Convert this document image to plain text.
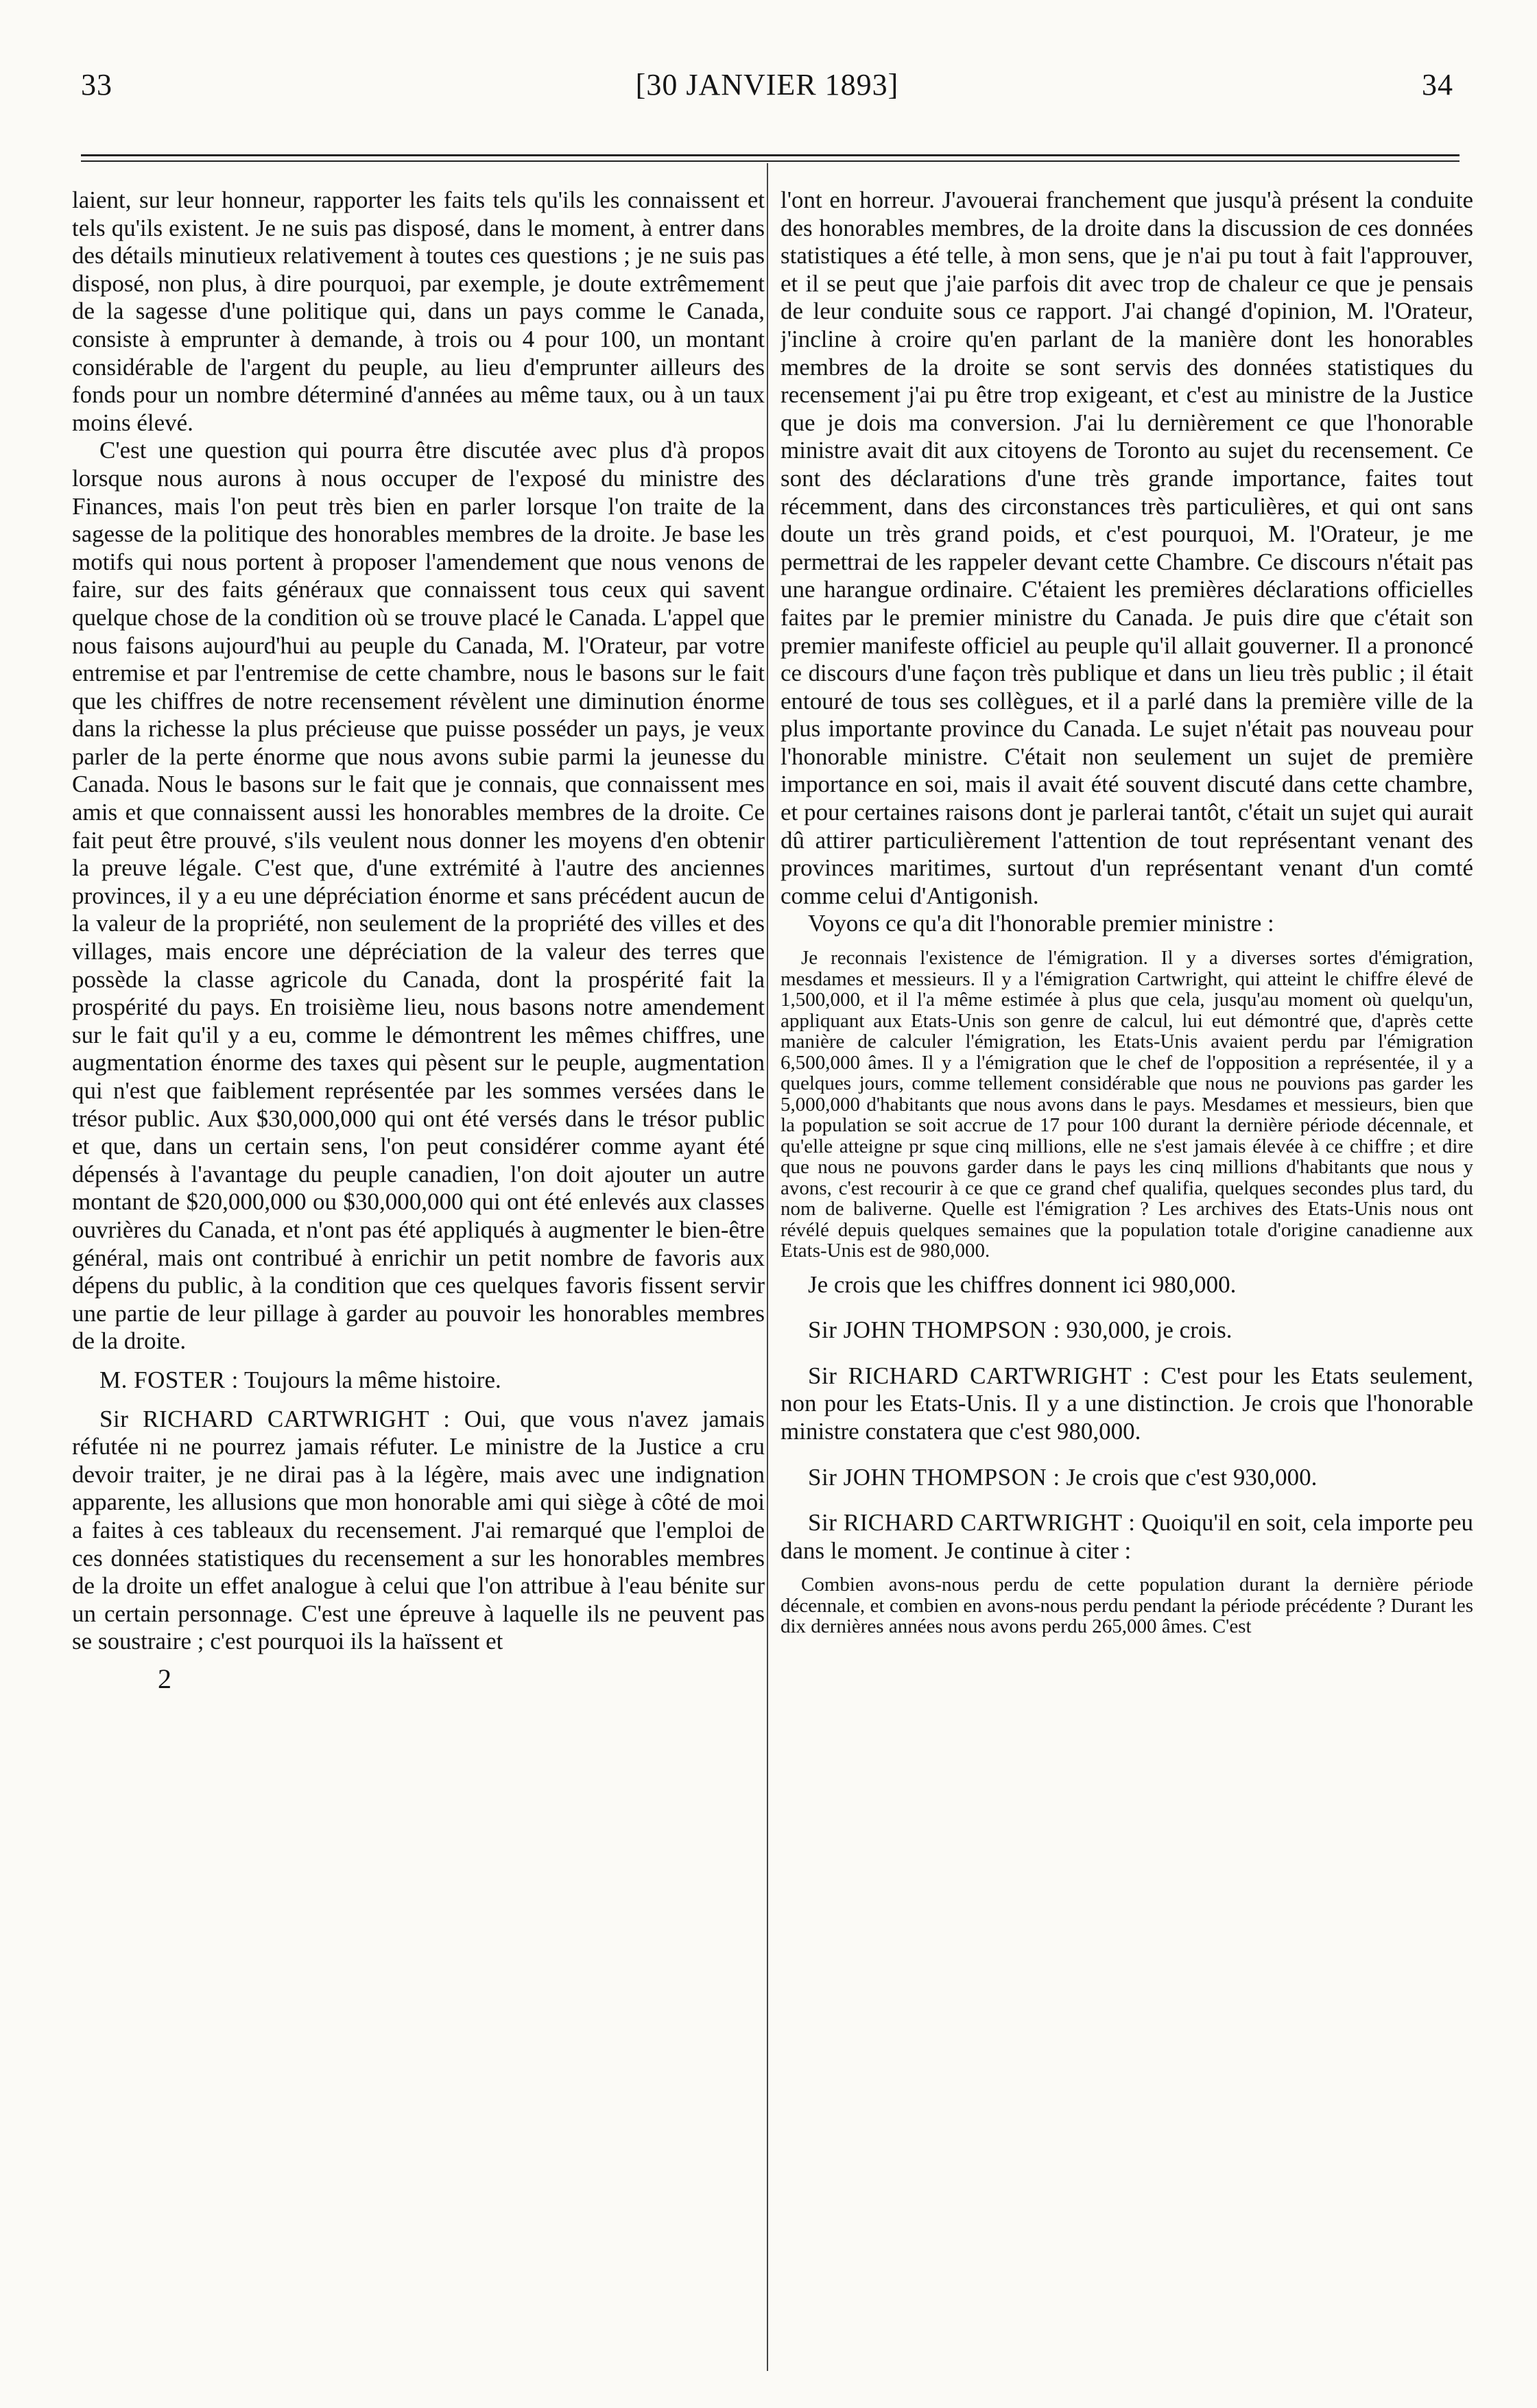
33	[30 JANVIER 1893]	34

laient, sur leur honneur, rapporter les faits tels qu'ils les connaissent et tels qu'ils existent. Je ne suis pas disposé, dans le moment, à entrer dans des détails minutieux relativement à toutes ces questions ; je ne suis pas disposé, non plus, à dire pourquoi, par exemple, je doute extrêmement de la sagesse d'une politique qui, dans un pays comme le Canada, consiste à emprunter à demande, à trois ou 4 pour 100, un montant considérable de l'argent du peuple, au lieu d'emprunter ailleurs des fonds pour un nombre déterminé d'années au même taux, ou à un taux moins élevé.

C'est une question qui pourra être discutée avec plus d'à propos lorsque nous aurons à nous occuper de l'exposé du ministre des Finances, mais l'on peut très bien en parler lorsque l'on traite de la sagesse de la politique des honorables membres de la droite. Je base les motifs qui nous portent à proposer l'amendement que nous venons de faire, sur des faits généraux que connaissent tous ceux qui savent quelque chose de la condition où se trouve placé le Canada. L'appel que nous faisons aujourd'hui au peuple du Canada, M. l'Orateur, par votre entremise et par l'entremise de cette chambre, nous le basons sur le fait que les chiffres de notre recensement révèlent une diminution énorme dans la richesse la plus précieuse que puisse posséder un pays, je veux parler de la perte énorme que nous avons subie parmi la jeunesse du Canada. Nous le basons sur le fait que je connais, que connaissent mes amis et que connaissent aussi les honorables membres de la droite. Ce fait peut être prouvé, s'ils veulent nous donner les moyens d'en obtenir la preuve légale. C'est que, d'une extrémité à l'autre des anciennes provinces, il y a eu une dépréciation énorme et sans précédent aucun de la valeur de la propriété, non seulement de la propriété des villes et des villages, mais encore une dépréciation de la valeur des terres que possède la classe agricole du Canada, dont la prospérité fait la prospérité du pays. En troisième lieu, nous basons notre amendement sur le fait qu'il y a eu, comme le démontrent les mêmes chiffres, une augmentation énorme des taxes qui pèsent sur le peuple, augmentation qui n'est que faiblement représentée par les sommes versées dans le trésor public. Aux $30,000,000 qui ont été versés dans le trésor public et que, dans un certain sens, l'on peut considérer comme ayant été dépensés à l'avantage du peuple canadien, l'on doit ajouter un autre montant de $20,000,000 ou $30,000,000 qui ont été enlevés aux classes ouvrières du Canada, et n'ont pas été appliqués à augmenter le bien-être général, mais ont contribué à enrichir un petit nombre de favoris aux dépens du public, à la condition que ces quelques favoris fissent servir une partie de leur pillage à garder au pouvoir les honorables membres de la droite.

M. FOSTER : Toujours la même histoire.

Sir RICHARD CARTWRIGHT : Oui, que vous n'avez jamais réfutée ni ne pourrez jamais réfuter. Le ministre de la Justice a cru devoir traiter, je ne dirai pas à la légère, mais avec une indignation apparente, les allusions que mon honorable ami qui siège à côté de moi a faites à ces tableaux du recensement. J'ai remarqué que l'emploi de ces données statistiques du recensement a sur les honorables membres de la droite un effet analogue à celui que l'on attribue à l'eau bénite sur un certain personnage. C'est une épreuve à laquelle ils ne peuvent pas se soustraire ; c'est pourquoi ils la haïssent et

2

l'ont en horreur. J'avouerai franchement que jusqu'à présent la conduite des honorables membres, de la droite dans la discussion de ces données statistiques a été telle, à mon sens, que je n'ai pu tout à fait l'approuver, et il se peut que j'aie parfois dit avec trop de chaleur ce que je pensais de leur conduite sous ce rapport. J'ai changé d'opinion, M. l'Orateur, j'incline à croire qu'en parlant de la manière dont les honorables membres de la droite se sont servis des données statistiques du recensement j'ai pu être trop exigeant, et c'est au ministre de la Justice que je dois ma conversion. J'ai lu dernièrement ce que l'honorable ministre avait dit aux citoyens de Toronto au sujet du recensement. Ce sont des déclarations d'une très grande importance, faites tout récemment, dans des circonstances très particulières, et qui ont sans doute un très grand poids, et c'est pourquoi, M. l'Orateur, je me permettrai de les rappeler devant cette Chambre. Ce discours n'était pas une harangue ordinaire. C'étaient les premières déclarations officielles faites par le premier ministre du Canada. Je puis dire que c'était son premier manifeste officiel au peuple qu'il allait gouverner. Il a prononcé ce discours d'une façon très publique et dans un lieu très public ; il était entouré de tous ses collègues, et il a parlé dans la première ville de la plus importante province du Canada. Le sujet n'était pas nouveau pour l'honorable ministre. C'était non seulement un sujet de première importance en soi, mais il avait été souvent discuté dans cette chambre, et pour certaines raisons dont je parlerai tantôt, c'était un sujet qui aurait dû attirer particulièrement l'attention de tout représentant venant des provinces maritimes, surtout d'un représentant venant d'un comté comme celui d'Antigonish.

Voyons ce qu'a dit l'honorable premier ministre :

Je reconnais l'existence de l'émigration. Il y a diverses sortes d'émigration, mesdames et messieurs. Il y a l'émigration Cartwright, qui atteint le chiffre élevé de 1,500,000, et il l'a même estimée à plus que cela, jusqu'au moment où quelqu'un, appliquant aux Etats-Unis son genre de calcul, lui eut démontré que, d'après cette manière de calculer l'émigration, les Etats-Unis avaient perdu par l'émigration 6,500,000 âmes. Il y a l'émigration que le chef de l'opposition a représentée, il y a quelques jours, comme tellement considérable que nous ne pouvions pas garder les 5,000,000 d'habitants que nous avons dans le pays. Mesdames et messieurs, bien que la population se soit accrue de 17 pour 100 durant la dernière période décennale, et qu'elle atteigne pr sque cinq millions, elle ne s'est jamais élevée à ce chiffre ; et dire que nous ne pouvons garder dans le pays les cinq millions d'habitants que nous y avons, c'est recourir à ce que ce grand chef qualifia, quelques secondes plus tard, du nom de baliverne. Quelle est l'émigration ? Les archives des Etats-Unis nous ont révélé depuis quelques semaines que la population totale d'origine canadienne aux Etats-Unis est de 980,000.

Je crois que les chiffres donnent ici 980,000.

Sir JOHN THOMPSON : 930,000, je crois.

Sir RICHARD CARTWRIGHT : C'est pour les Etats seulement, non pour les Etats-Unis. Il y a une distinction. Je crois que l'honorable ministre constatera que c'est 980,000.

Sir JOHN THOMPSON : Je crois que c'est 930,000.

Sir RICHARD CARTWRIGHT : Quoiqu'il en soit, cela importe peu dans le moment. Je continue à citer :

Combien avons-nous perdu de cette population durant la dernière période décennale, et combien en avons-nous perdu pendant la période précédente ? Durant les dix dernières années nous avons perdu 265,000 âmes. C'est
